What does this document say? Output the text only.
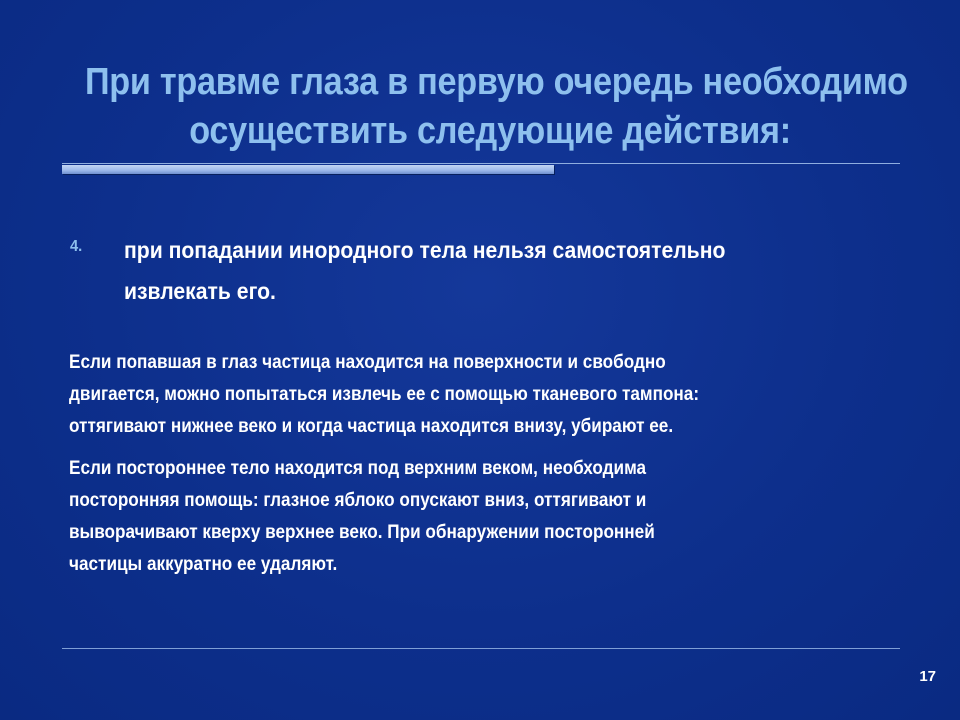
При травме глаза в первую очередь необходимо
осуществить следующие действия:
4. при попадании инородного тела нельзя самостоятельно
извлекать его.
Если попавшая в глаз частица находится на поверхности и свободно
двигается, можно попытаться извлечь ее с помощью тканевого тампона:
оттягивают нижнее веко и когда частица находится внизу, убирают ее.
Если постороннее тело находится под верхним веком, необходима
посторонняя помощь: глазное яблоко опускают вниз, оттягивают и
выворачивают кверху верхнее веко. При обнаружении посторонней
частицы аккуратно ее удаляют.
17
